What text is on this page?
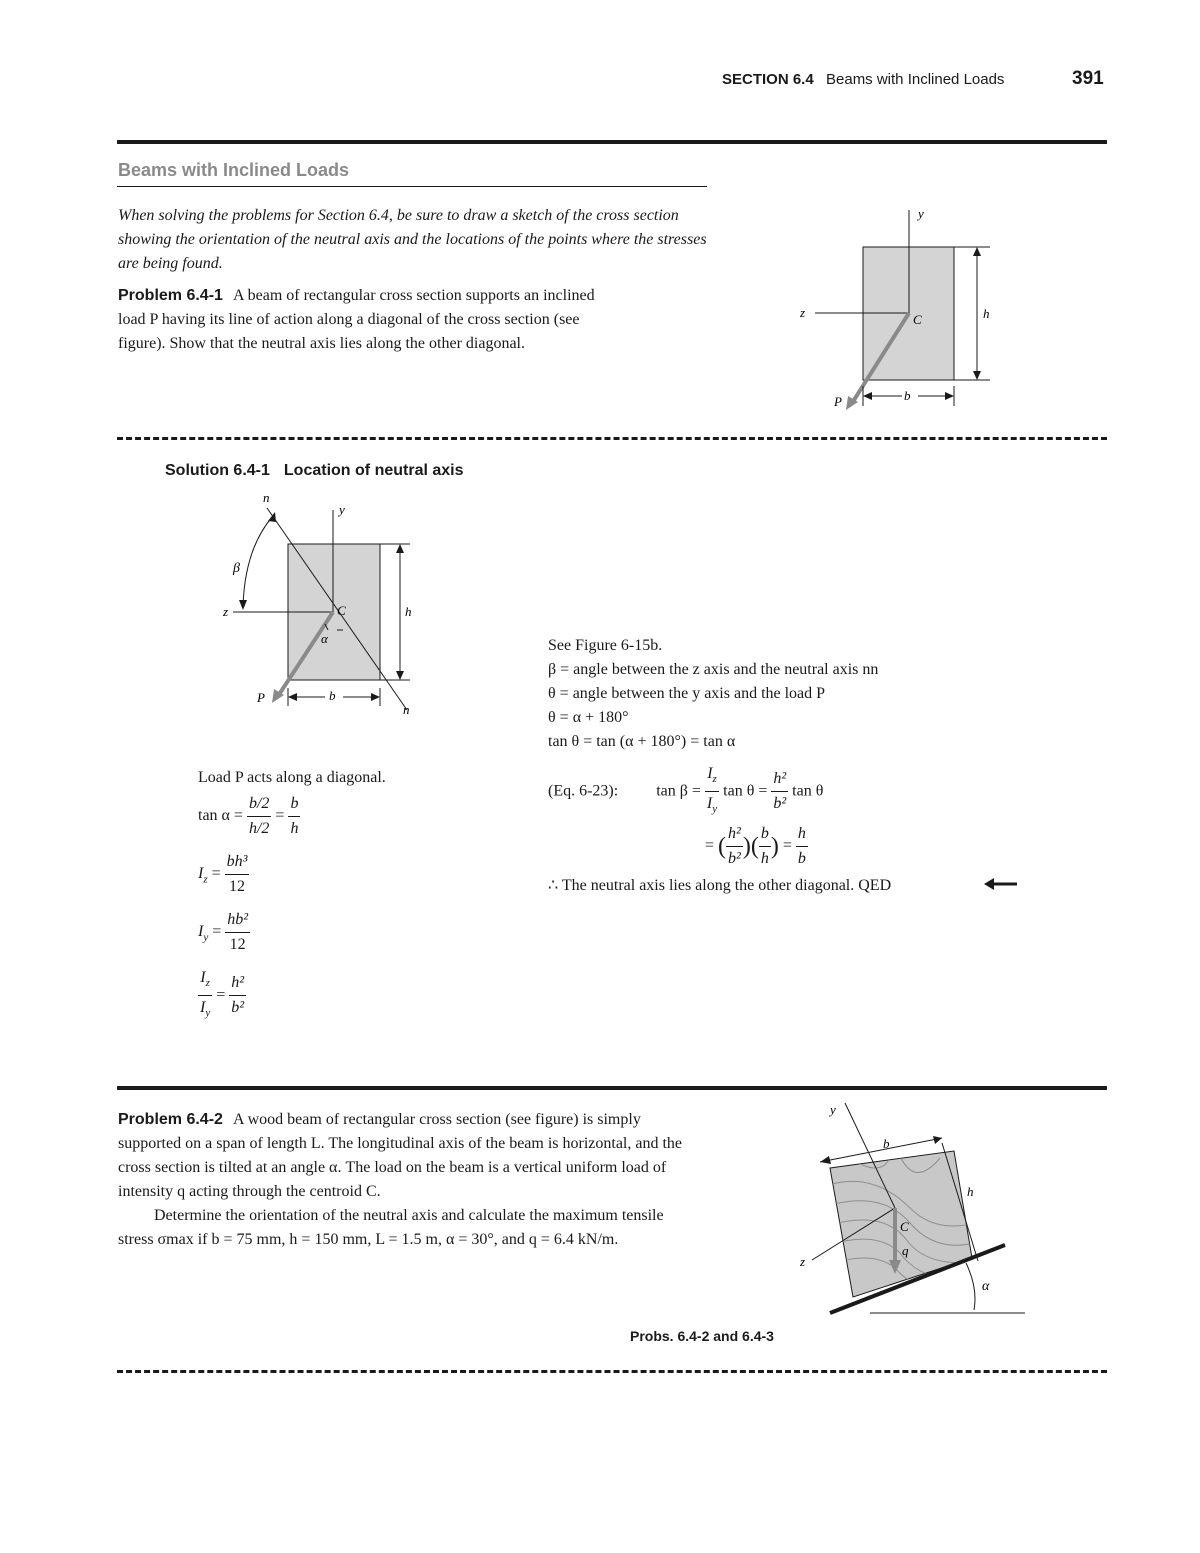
SECTION 6.4 Beams with Inclined Loads	391
Beams with Inclined Loads
When solving the problems for Section 6.4, be sure to draw a sketch of the cross section showing the orientation of the neutral axis and the locations of the points where the stresses are being found.
Problem 6.4-1 A beam of rectangular cross section supports an inclined load P having its line of action along a diagonal of the cross section (see figure). Show that the neutral axis lies along the other diagonal.
y
z	C	h
b
P
Solution 6.4-1 Location of neutral axis
n
n
y
z
β
C
α
h
b
P
Load P acts along a diagonal.
$\tan \alpha = \frac{b/2}{h/2} = \frac{b}{h}$
$I_z = \frac{\text{bh³}}{12}$
$I_y = \frac{\text{hb²}}{12}$
$\frac{I_z}{I_y} = \frac{\text{h²}}{\text{b²}}$
See Figure 6-15b.
β = angle between the z axis and the neutral axis nn
θ = angle between the y axis and the load P
θ = α + 180°
tan θ = tan (α + 180°) = tan α
(Eq. 6-23): $\tan \beta = \frac{I_z}{I_y}$ $\tan \theta = \frac{\text{h²}}{\text{b²}}$ tan θ
= ( $\frac{\text{h²}}{\text{b²}}$ )( $\frac{b}{h}$ ) = $\frac{h}{b}$
∴ The neutral axis lies along the other diagonal. QED
Problem 6.4-2 A wood beam of rectangular cross section (see figure) is simply supported on a span of length L. The longitudinal axis of the beam is horizontal, and the cross section is tilted at an angle α. The load on the beam is a vertical uniform load of intensity q acting through the centroid C.
Determine the orientation of the neutral axis and calculate the maximum tensile stress σmax if b = 75 mm, h = 150 mm, L = 1.5 m, α = 30°, and q = 6.4 kN/m.
y
b
h
C
q
z
α
Probs. 6.4-2 and 6.4-3
